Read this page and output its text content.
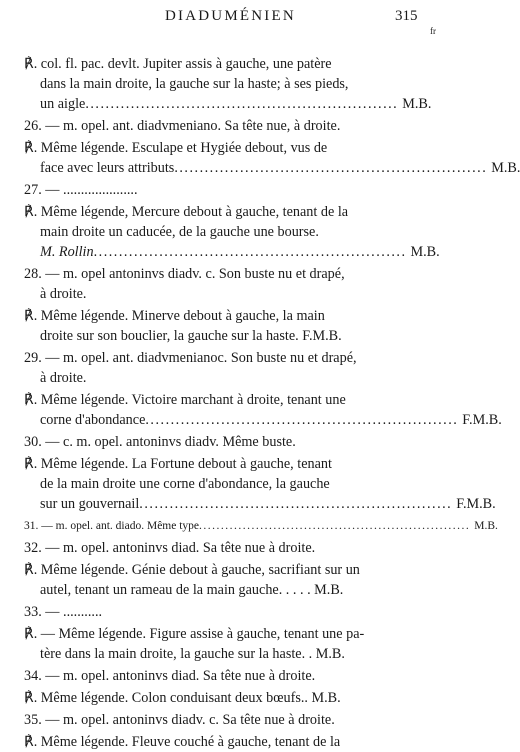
DIADUMÉNIEN	315
fr
℟. col. fl. pac. devlt. Jupiter assis à gauche, une patère
dans la main droite, la gauche sur la haste; à ses pieds,
un aigle .............................................................. M.B.
26. — m. opel. ant. diadvmeniano. Sa tête nue, à droite.
℟. Même légende. Esculape et Hygiée debout, vus de
face avec leurs attributs .............................................................. M.B.
27. — .....................
℟. Même légende, Mercure debout à gauche, tenant de la
main droite un caducée, de la gauche une bourse.
M. Rollin .............................................................. M.B.
28. — m. opel antoninvs diadv. c. Son buste nu et drapé,
à droite.
℟. Même légende. Minerve debout à gauche, la main
droite sur son bouclier, la gauche sur la haste. F.M.B.
29. — m. opel. ant. diadvmenianoc. Son buste nu et drapé,
à droite.
℟. Même légende. Victoire marchant à droite, tenant une
corne d'abondance .............................................................. F.M.B.
30. — c. m. opel. antoninvs diadv. Même buste.
℟. Même légende. La Fortune debout à gauche, tenant
de la main droite une corne d'abondance, la gauche
sur un gouvernail .............................................................. F.M.B.
31. — m. opel. ant. diado. Même type .............................................................. M.B.
32. — m. opel. antoninvs diad. Sa tête nue à droite.
℟. Même légende. Génie debout à gauche, sacrifiant sur un
autel, tenant un rameau de la main gauche. . . . . M.B.
33. — ...........
℟. — Même légende. Figure assise à gauche, tenant une pa-
tère dans la main droite, la gauche sur la haste. . M.B.
34. — m. opel. antoninvs diad. Sa tête nue à droite.
℟. Même légende. Colon conduisant deux bœufs.. M.B.
35. — m. opel. antoninvs diadv. c. Sa tête nue à droite.
℟. Même légende. Fleuve couché à gauche, tenant de la
